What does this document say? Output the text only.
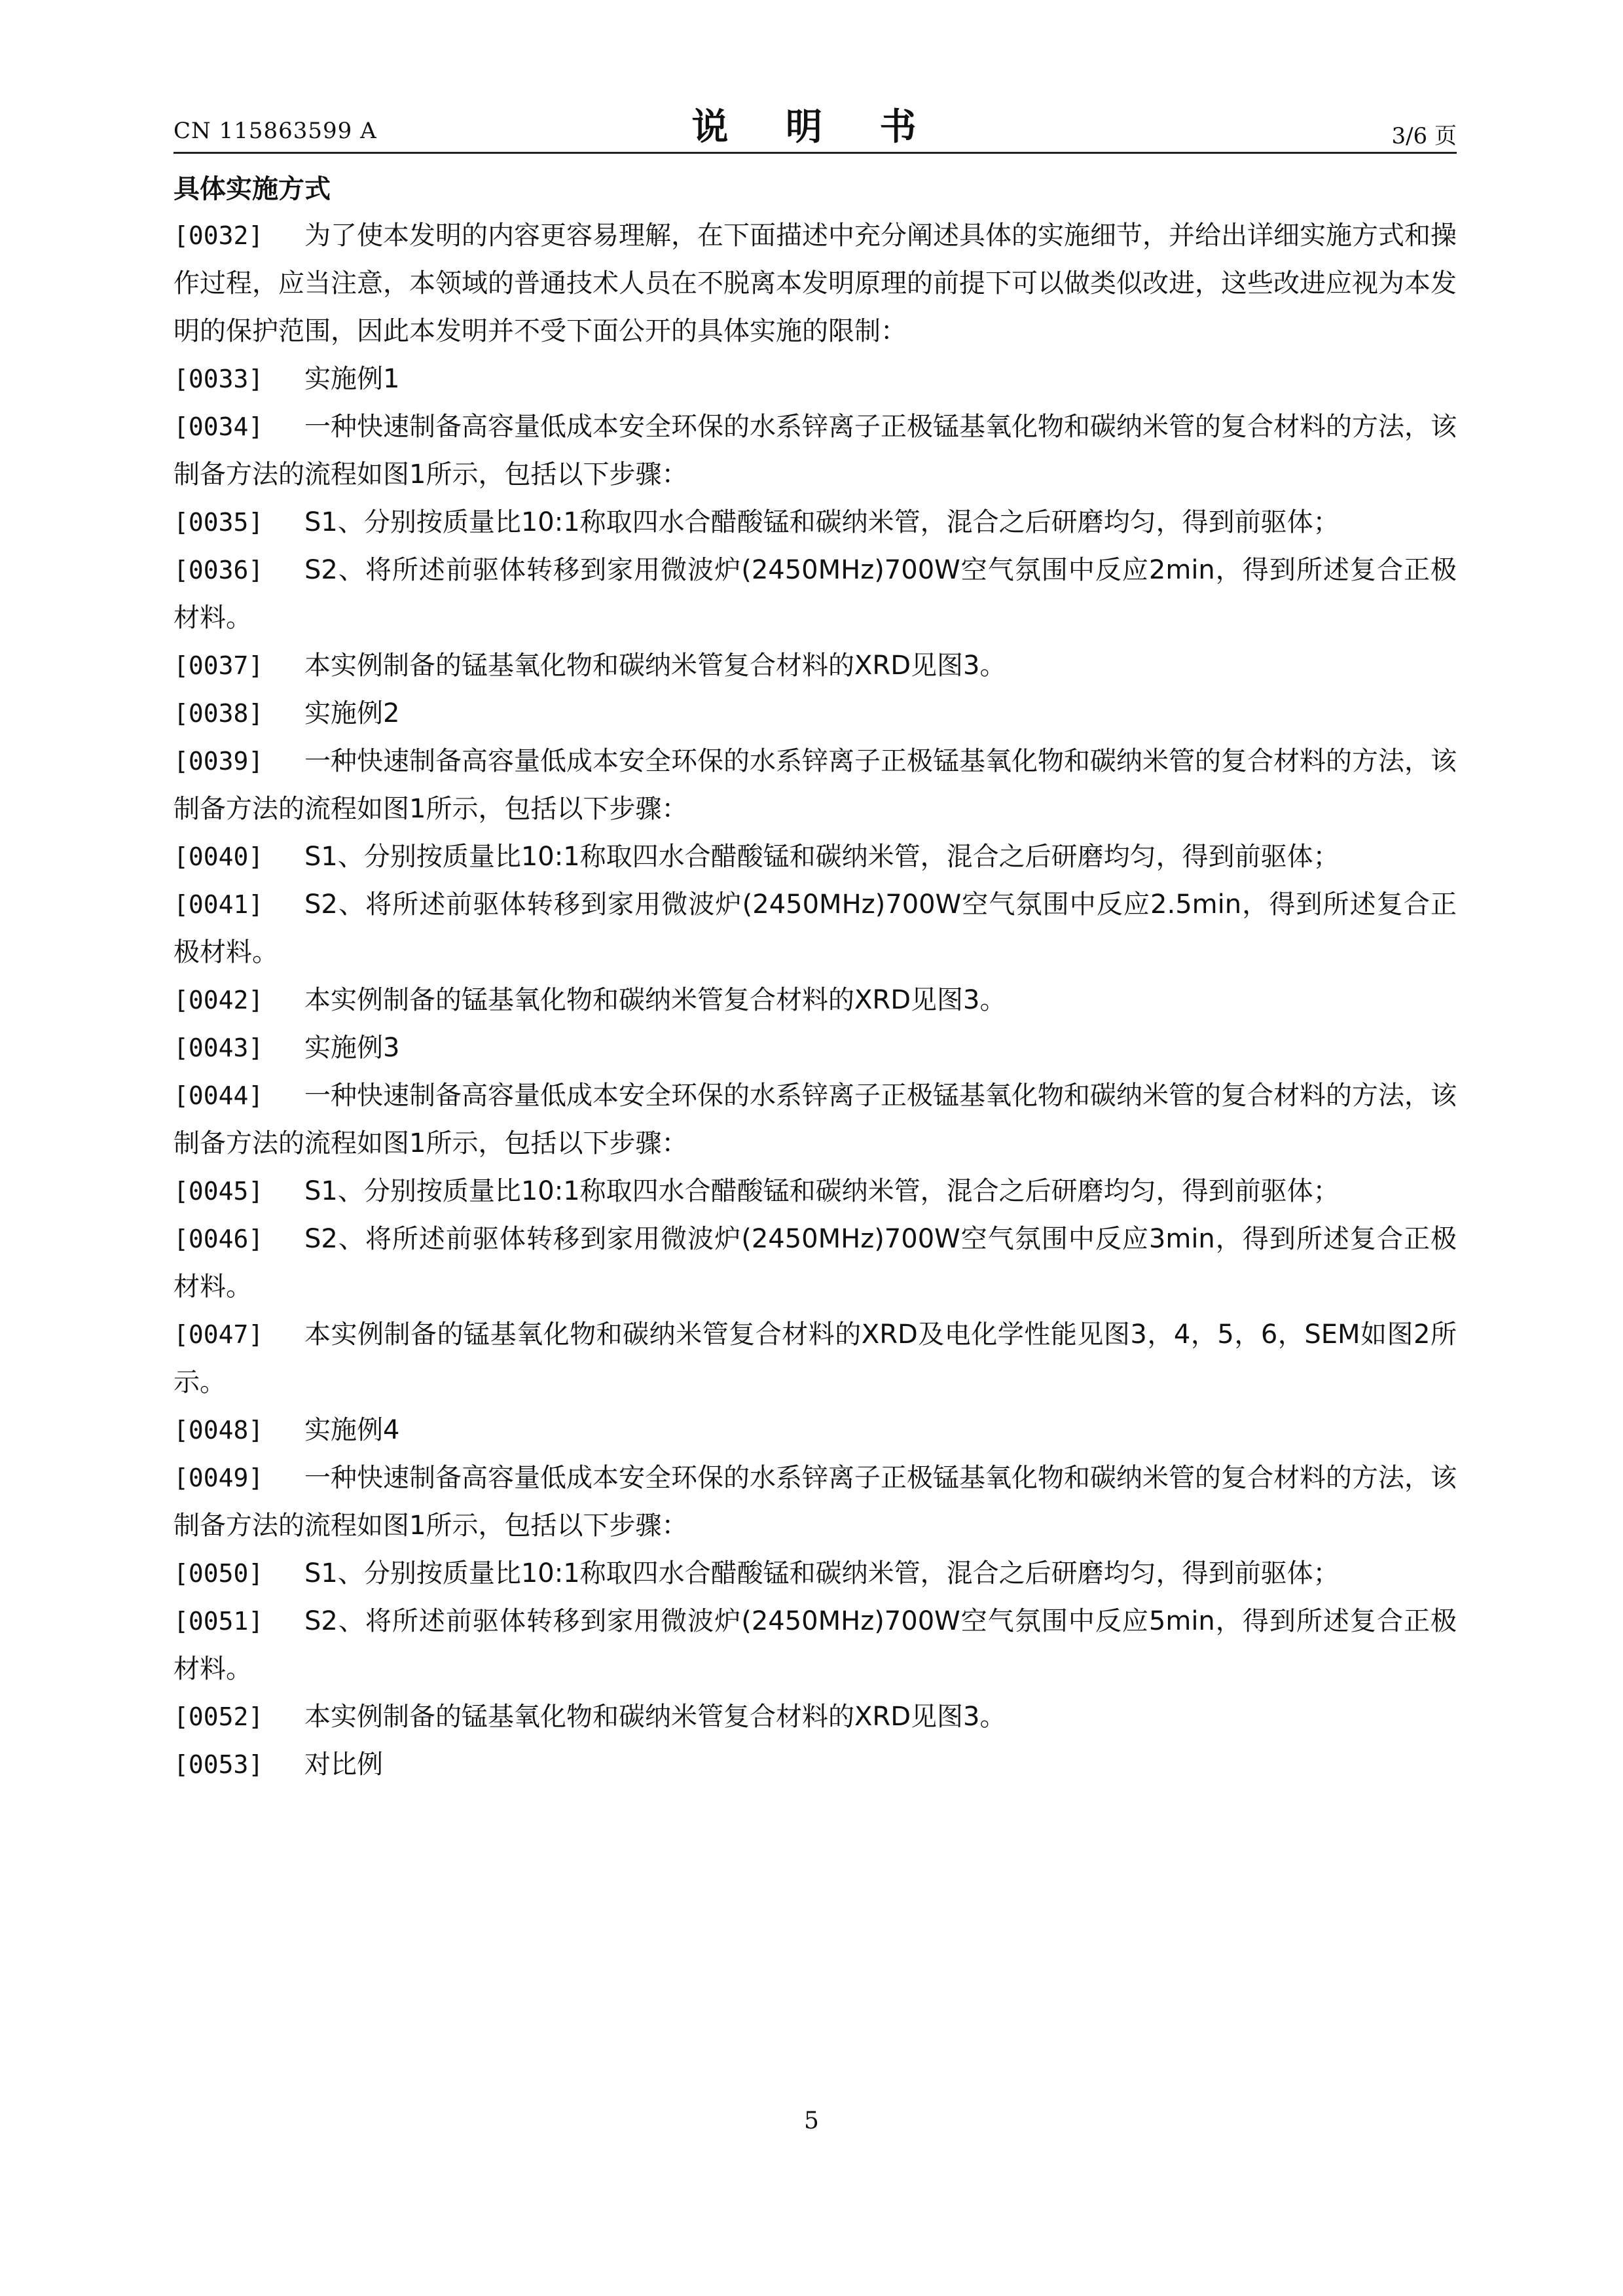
CN 115863599 A	说 明 书	3/6 页
具体实施方式
[0032] 为了使本发明的内容更容易理解，在下面描述中充分阐述具体的实施细节，并给出详细实施方式和操作过程，应当注意，本领域的普通技术人员在不脱离本发明原理的前提下可以做类似改进，这些改进应视为本发明的保护范围，因此本发明并不受下面公开的具体实施的限制：
[0033] 实施例1
[0034] 一种快速制备高容量低成本安全环保的水系锌离子正极锰基氧化物和碳纳米管的复合材料的方法，该制备方法的流程如图1所示，包括以下步骤：
[0035] S1、分别按质量比10:1称取四水合醋酸锰和碳纳米管，混合之后研磨均匀，得到前驱体；
[0036] S2、将所述前驱体转移到家用微波炉(2450MHz)700W空气氛围中反应2min，得到所述复合正极材料。
[0037] 本实例制备的锰基氧化物和碳纳米管复合材料的XRD见图3。
[0038] 实施例2
[0039] 一种快速制备高容量低成本安全环保的水系锌离子正极锰基氧化物和碳纳米管的复合材料的方法，该制备方法的流程如图1所示，包括以下步骤：
[0040] S1、分别按质量比10:1称取四水合醋酸锰和碳纳米管，混合之后研磨均匀，得到前驱体；
[0041] S2、将所述前驱体转移到家用微波炉(2450MHz)700W空气氛围中反应2.5min，得到所述复合正极材料。
[0042] 本实例制备的锰基氧化物和碳纳米管复合材料的XRD见图3。
[0043] 实施例3
[0044] 一种快速制备高容量低成本安全环保的水系锌离子正极锰基氧化物和碳纳米管的复合材料的方法，该制备方法的流程如图1所示，包括以下步骤：
[0045] S1、分别按质量比10:1称取四水合醋酸锰和碳纳米管，混合之后研磨均匀，得到前驱体；
[0046] S2、将所述前驱体转移到家用微波炉(2450MHz)700W空气氛围中反应3min，得到所述复合正极材料。
[0047] 本实例制备的锰基氧化物和碳纳米管复合材料的XRD及电化学性能见图3，4，5，6，SEM如图2所示。
[0048] 实施例4
[0049] 一种快速制备高容量低成本安全环保的水系锌离子正极锰基氧化物和碳纳米管的复合材料的方法，该制备方法的流程如图1所示，包括以下步骤：
[0050] S1、分别按质量比10:1称取四水合醋酸锰和碳纳米管，混合之后研磨均匀，得到前驱体；
[0051] S2、将所述前驱体转移到家用微波炉(2450MHz)700W空气氛围中反应5min，得到所述复合正极材料。
[0052] 本实例制备的锰基氧化物和碳纳米管复合材料的XRD见图3。
[0053] 对比例
5
